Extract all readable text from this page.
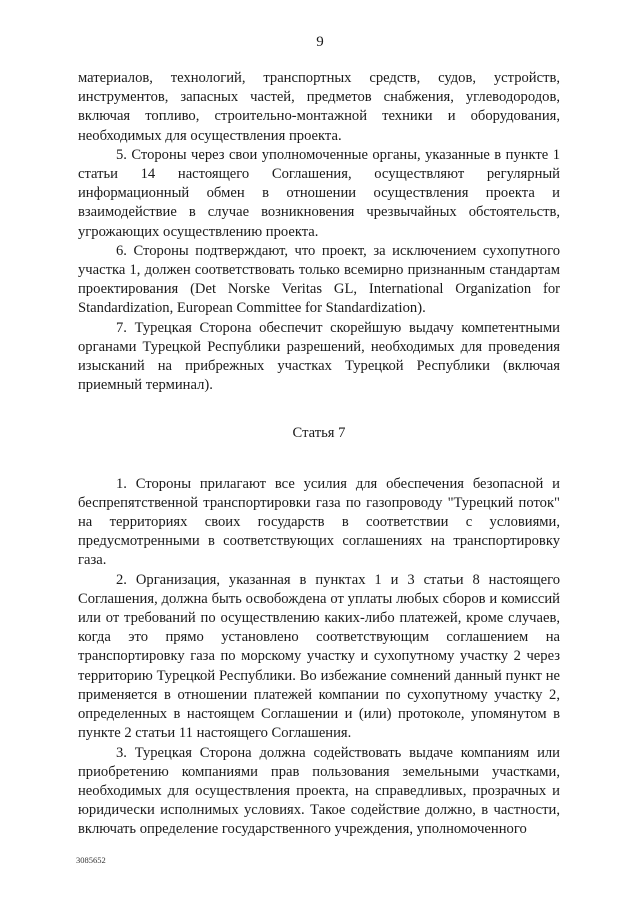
9

материалов, технологий, транспортных средств, судов, устройств, инструментов, запасных частей, предметов снабжения, углеводородов, включая топливо, строительно-монтажной техники и оборудования, необходимых для осуществления проекта.

5. Стороны через свои уполномоченные органы, указанные в пункте 1 статьи 14 настоящего Соглашения, осуществляют регулярный информационный обмен в отношении осуществления проекта и взаимодействие в случае возникновения чрезвычайных обстоятельств, угрожающих осуществлению проекта.

6. Стороны подтверждают, что проект, за исключением сухопутного участка 1, должен соответствовать только всемирно признанным стандартам проектирования (Det Norske Veritas GL, International Organization for Standardization, European Committee for Standardization).

7. Турецкая Сторона обеспечит скорейшую выдачу компетентными органами Турецкой Республики разрешений, необходимых для проведения изысканий на прибрежных участках Турецкой Республики (включая приемный терминал).

Статья 7

1. Стороны прилагают все усилия для обеспечения безопасной и беспрепятственной транспортировки газа по газопроводу "Турецкий поток" на территориях своих государств в соответствии с условиями, предусмотренными в соответствующих соглашениях на транспортировку газа.

2. Организация, указанная в пунктах 1 и 3 статьи 8 настоящего Соглашения, должна быть освобождена от уплаты любых сборов и комиссий или от требований по осуществлению каких-либо платежей, кроме случаев, когда это прямо установлено соответствующим соглашением на транспортировку газа по морскому участку и сухопутному участку 2 через территорию Турецкой Республики. Во избежание сомнений данный пункт не применяется в отношении платежей компании по сухопутному участку 2, определенных в настоящем Соглашении и (или) протоколе, упомянутом в пункте 2 статьи 11 настоящего Соглашения.

3. Турецкая Сторона должна содействовать выдаче компаниям или приобретению компаниями прав пользования земельными участками, необходимых для осуществления проекта, на справедливых, прозрачных и юридически исполнимых условиях. Такое содействие должно, в частности, включать определение государственного учреждения, уполномоченного

3085652
